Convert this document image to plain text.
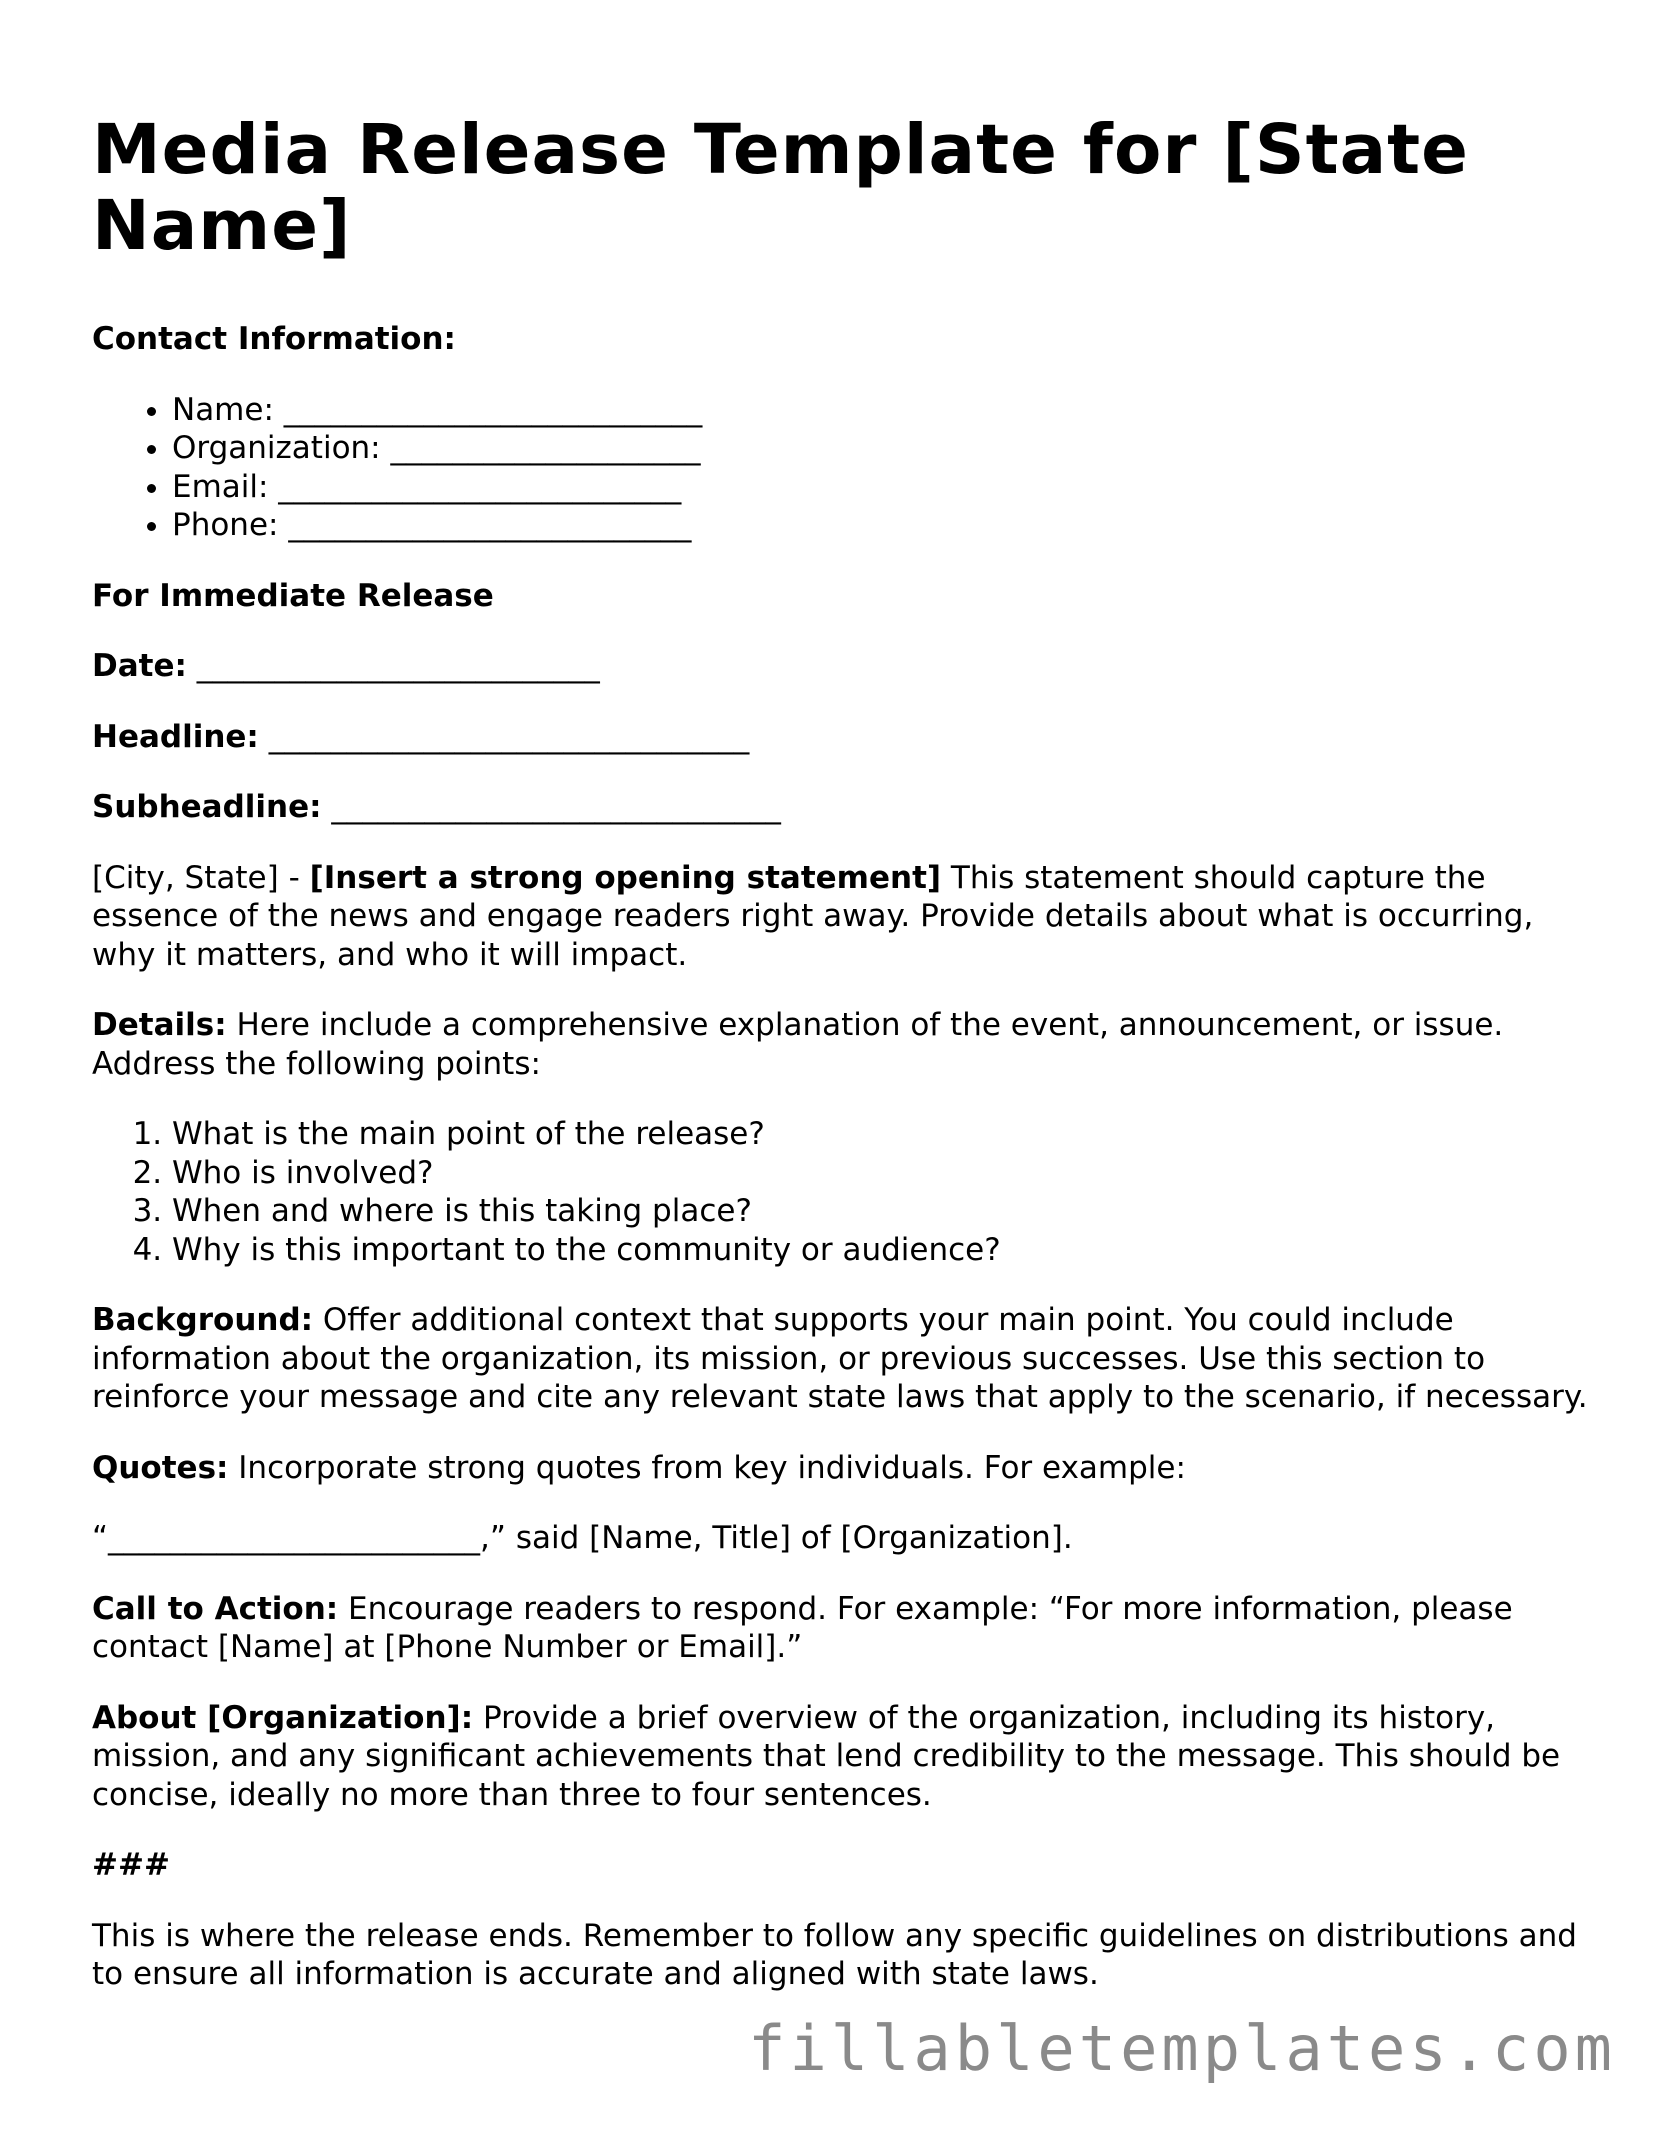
Media Release Template for [State Name]
Contact Information:
• Name: ___________________________
• Organization: ____________________
• Email: __________________________
• Phone: __________________________
For Immediate Release
Date: __________________________
Headline: _______________________________
Subheadline: _____________________________
[City, State] - [Insert a strong opening statement] This statement should capture the essence of the news and engage readers right away. Provide details about what is occurring, why it matters, and who it will impact.
Details: Here include a comprehensive explanation of the event, announcement, or issue. Address the following points:
1. What is the main point of the release?
2. Who is involved?
3. When and where is this taking place?
4. Why is this important to the community or audience?
Background: Offer additional context that supports your main point. You could include information about the organization, its mission, or previous successes. Use this section to reinforce your message and cite any relevant state laws that apply to the scenario, if necessary.
Quotes: Incorporate strong quotes from key individuals. For example:
“________________________,” said [Name, Title] of [Organization].
Call to Action: Encourage readers to respond. For example: “For more information, please contact [Name] at [Phone Number or Email].”
About [Organization]: Provide a brief overview of the organization, including its history, mission, and any significant achievements that lend credibility to the message. This should be concise, ideally no more than three to four sentences.
###
This is where the release ends. Remember to follow any specific guidelines on distributions and to ensure all information is accurate and aligned with state laws.
fillabletemplates.com
